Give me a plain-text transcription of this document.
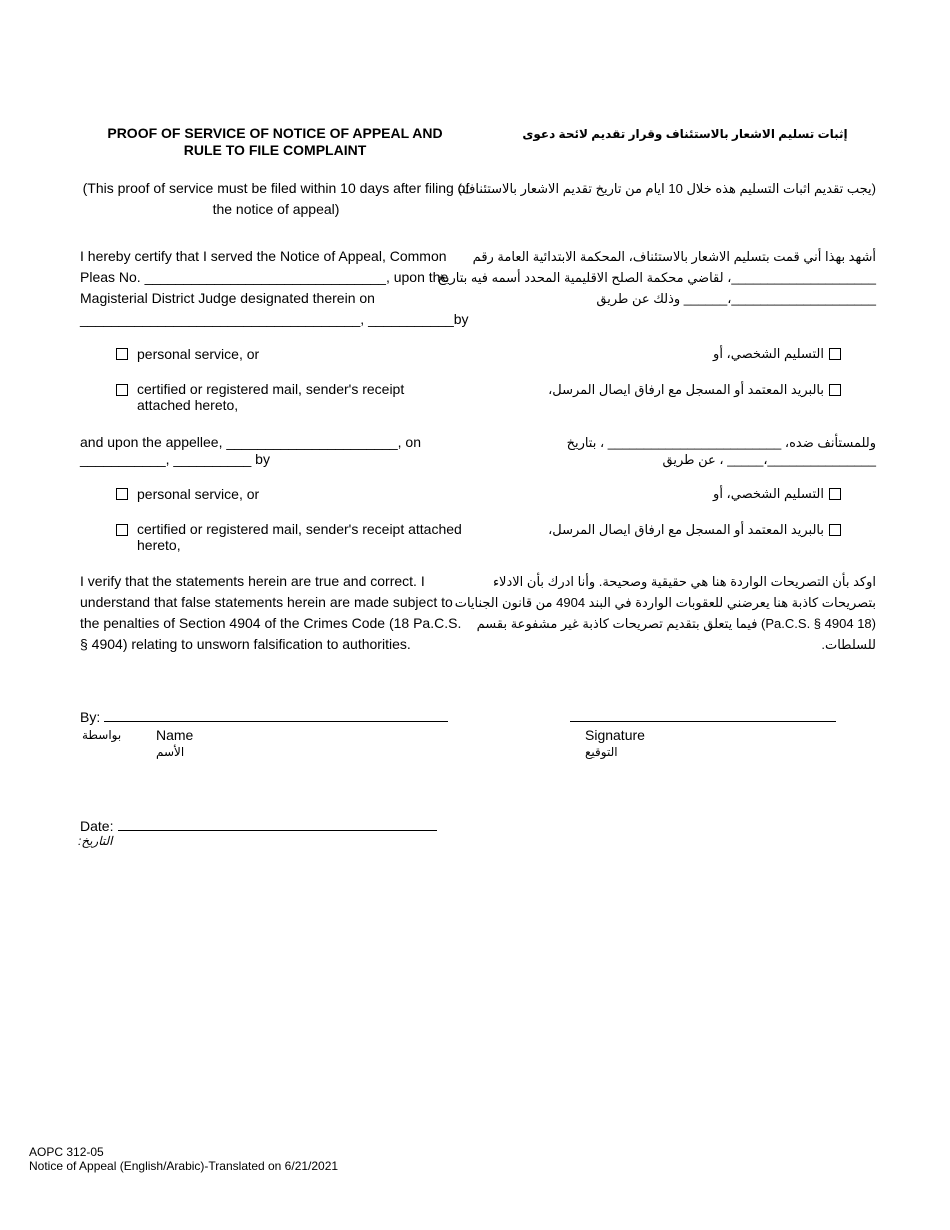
PROOF OF SERVICE OF NOTICE OF APPEAL AND RULE TO FILE COMPLAINT
(This proof of service must be filed within 10 days after filing of the notice of appeal)
I hereby certify that I served the Notice of Appeal, Common
Pleas No. _______________________________, upon the
Magisterial District Judge designated therein on
____________________________________, ___________by
personal service, or
certified or registered mail, sender's receipt attached hereto,
and upon the appellee, ______________________, on
___________, __________ by
personal service, or
certified or registered mail, sender's receipt attached hereto,
I verify that the statements herein are true and correct. I
understand that false statements herein are made subject to
the penalties of Section 4904 of the Crimes Code (18 Pa.C.S.
§ 4904) relating to unsworn falsification to authorities.
إثبات تسليم الاشعار بالاستئناف وقرار تقديم لائحة دعوى
(يجب تقديم اثبات التسليم هذه خلال 10 ايام من تاريخ تقديم الاشعار بالاستئناف)
أشهد بهذا أني قمت بتسليم الاشعار بالاستئناف، المحكمة الابتدائية العامة رقم
____________________، لقاضي محكمة الصلح الاقليمية المحدد أسمه فيه بتاريخ
____________________،______ وذلك عن طريق
التسليم الشخصي، أو
بالبريد المعتمد أو المسجل مع ارفاق ايصال المرسل،
وللمستأنف ضده، ________________________ ، بتاريخ
_______________،_____ ، عن طريق
التسليم الشخصي، أو
بالبريد المعتمد أو المسجل مع ارفاق ايصال المرسل،
اوكد بأن التصريحات الواردة هنا هي حقيقية وصحيحة. وأنا ادرك بأن الادلاء
بتصريحات كاذبة هنا يعرضني للعقوبات الواردة في البند 4904 من قانون الجنايات
(18 Pa.C.S. § 4904) فيما يتعلق بتقديم تصريحات كاذبة غير مشفوعة بقسم
للسلطات.
By:
بواسطة Name
الأسم
Signature
التوقيع
Date:
التاريخ:
AOPC 312-05
Notice of Appeal (English/Arabic)-Translated on 6/21/2021
